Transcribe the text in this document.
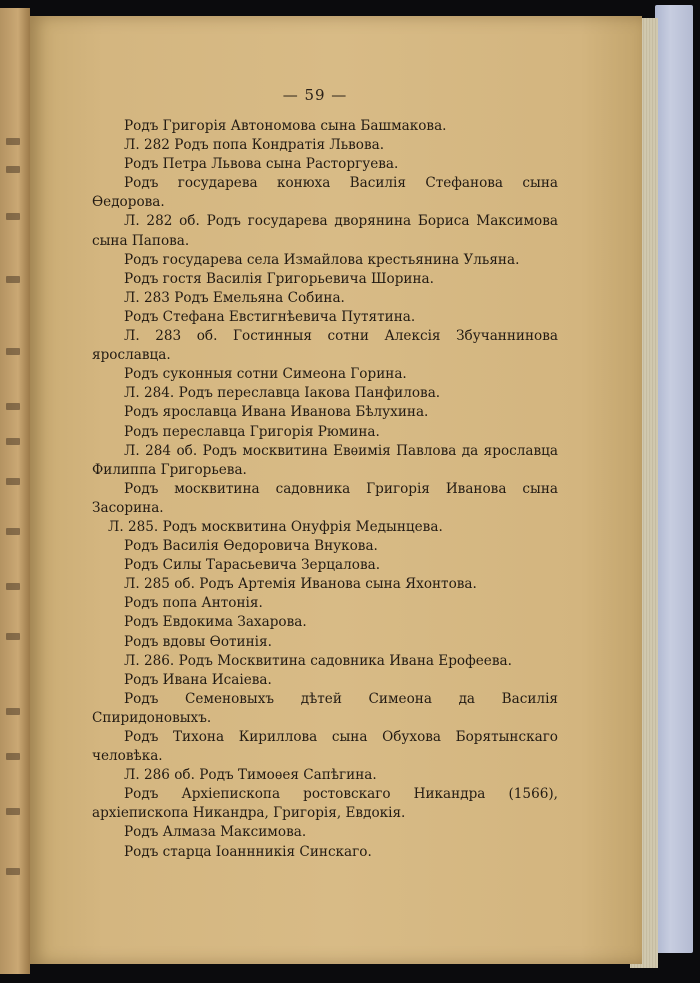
— 59 —
Родъ Григорія Автономова сына Башмакова.
Л. 282 Родъ попа Кондратія Львова.
Родъ Петра Львова сына Расторгуева.
Родъ государева конюха Василія Стефанова сына Ѳедорова.
Л. 282 об. Родъ государева дворянина Бориса Максимова сына Папова.
Родъ государева села Измайлова крестьянина Ульяна.
Родъ гостя Василія Григорьевича Шорина.
Л. 283 Родъ Емельяна Собина.
Родъ Стефана Евстигнѣевича Путятина.
Л. 283 об. Гостинныя сотни Алексія Збучаннинова ярославца.
Родъ суконныя сотни Симеона Горина.
Л. 284. Родъ переславца Іакова Панфилова.
Родъ ярославца Ивана Иванова Бѣлухина.
Родъ переславца Григорія Рюмина.
Л. 284 об. Родъ москвитина Евѳимія Павлова да ярославца Филиппа Григорьева.
Родъ москвитина садовника Григорія Иванова сына Засорина.
Л. 285. Родъ москвитина Онуфрія Медынцева.
Родъ Василія Ѳедоровича Внукова.
Родъ Силы Тарасьевича Зерцалова.
Л. 285 об. Родъ Артемія Иванова сына Яхонтова.
Родъ попа Антонія.
Родъ Евдокима Захарова.
Родъ вдовы Ѳотинія.
Л. 286. Родъ Москвитина садовника Ивана Ерофеева.
Родъ Ивана Исаіева.
Родъ Семеновыхъ дѣтей Симеона да Василія Спиридоновыхъ.
Родъ Тихона Кириллова сына Обухова Борятынскаго человѣка.
Л. 286 об. Родъ Тимоѳея Сапѣгина.
Родъ Архіепископа ростовскаго Никандра (1566), архіепископа Никандра, Григорія, Евдокія.
Родъ Алмаза Максимова.
Родъ старца Іоаннникія Синскаго.
